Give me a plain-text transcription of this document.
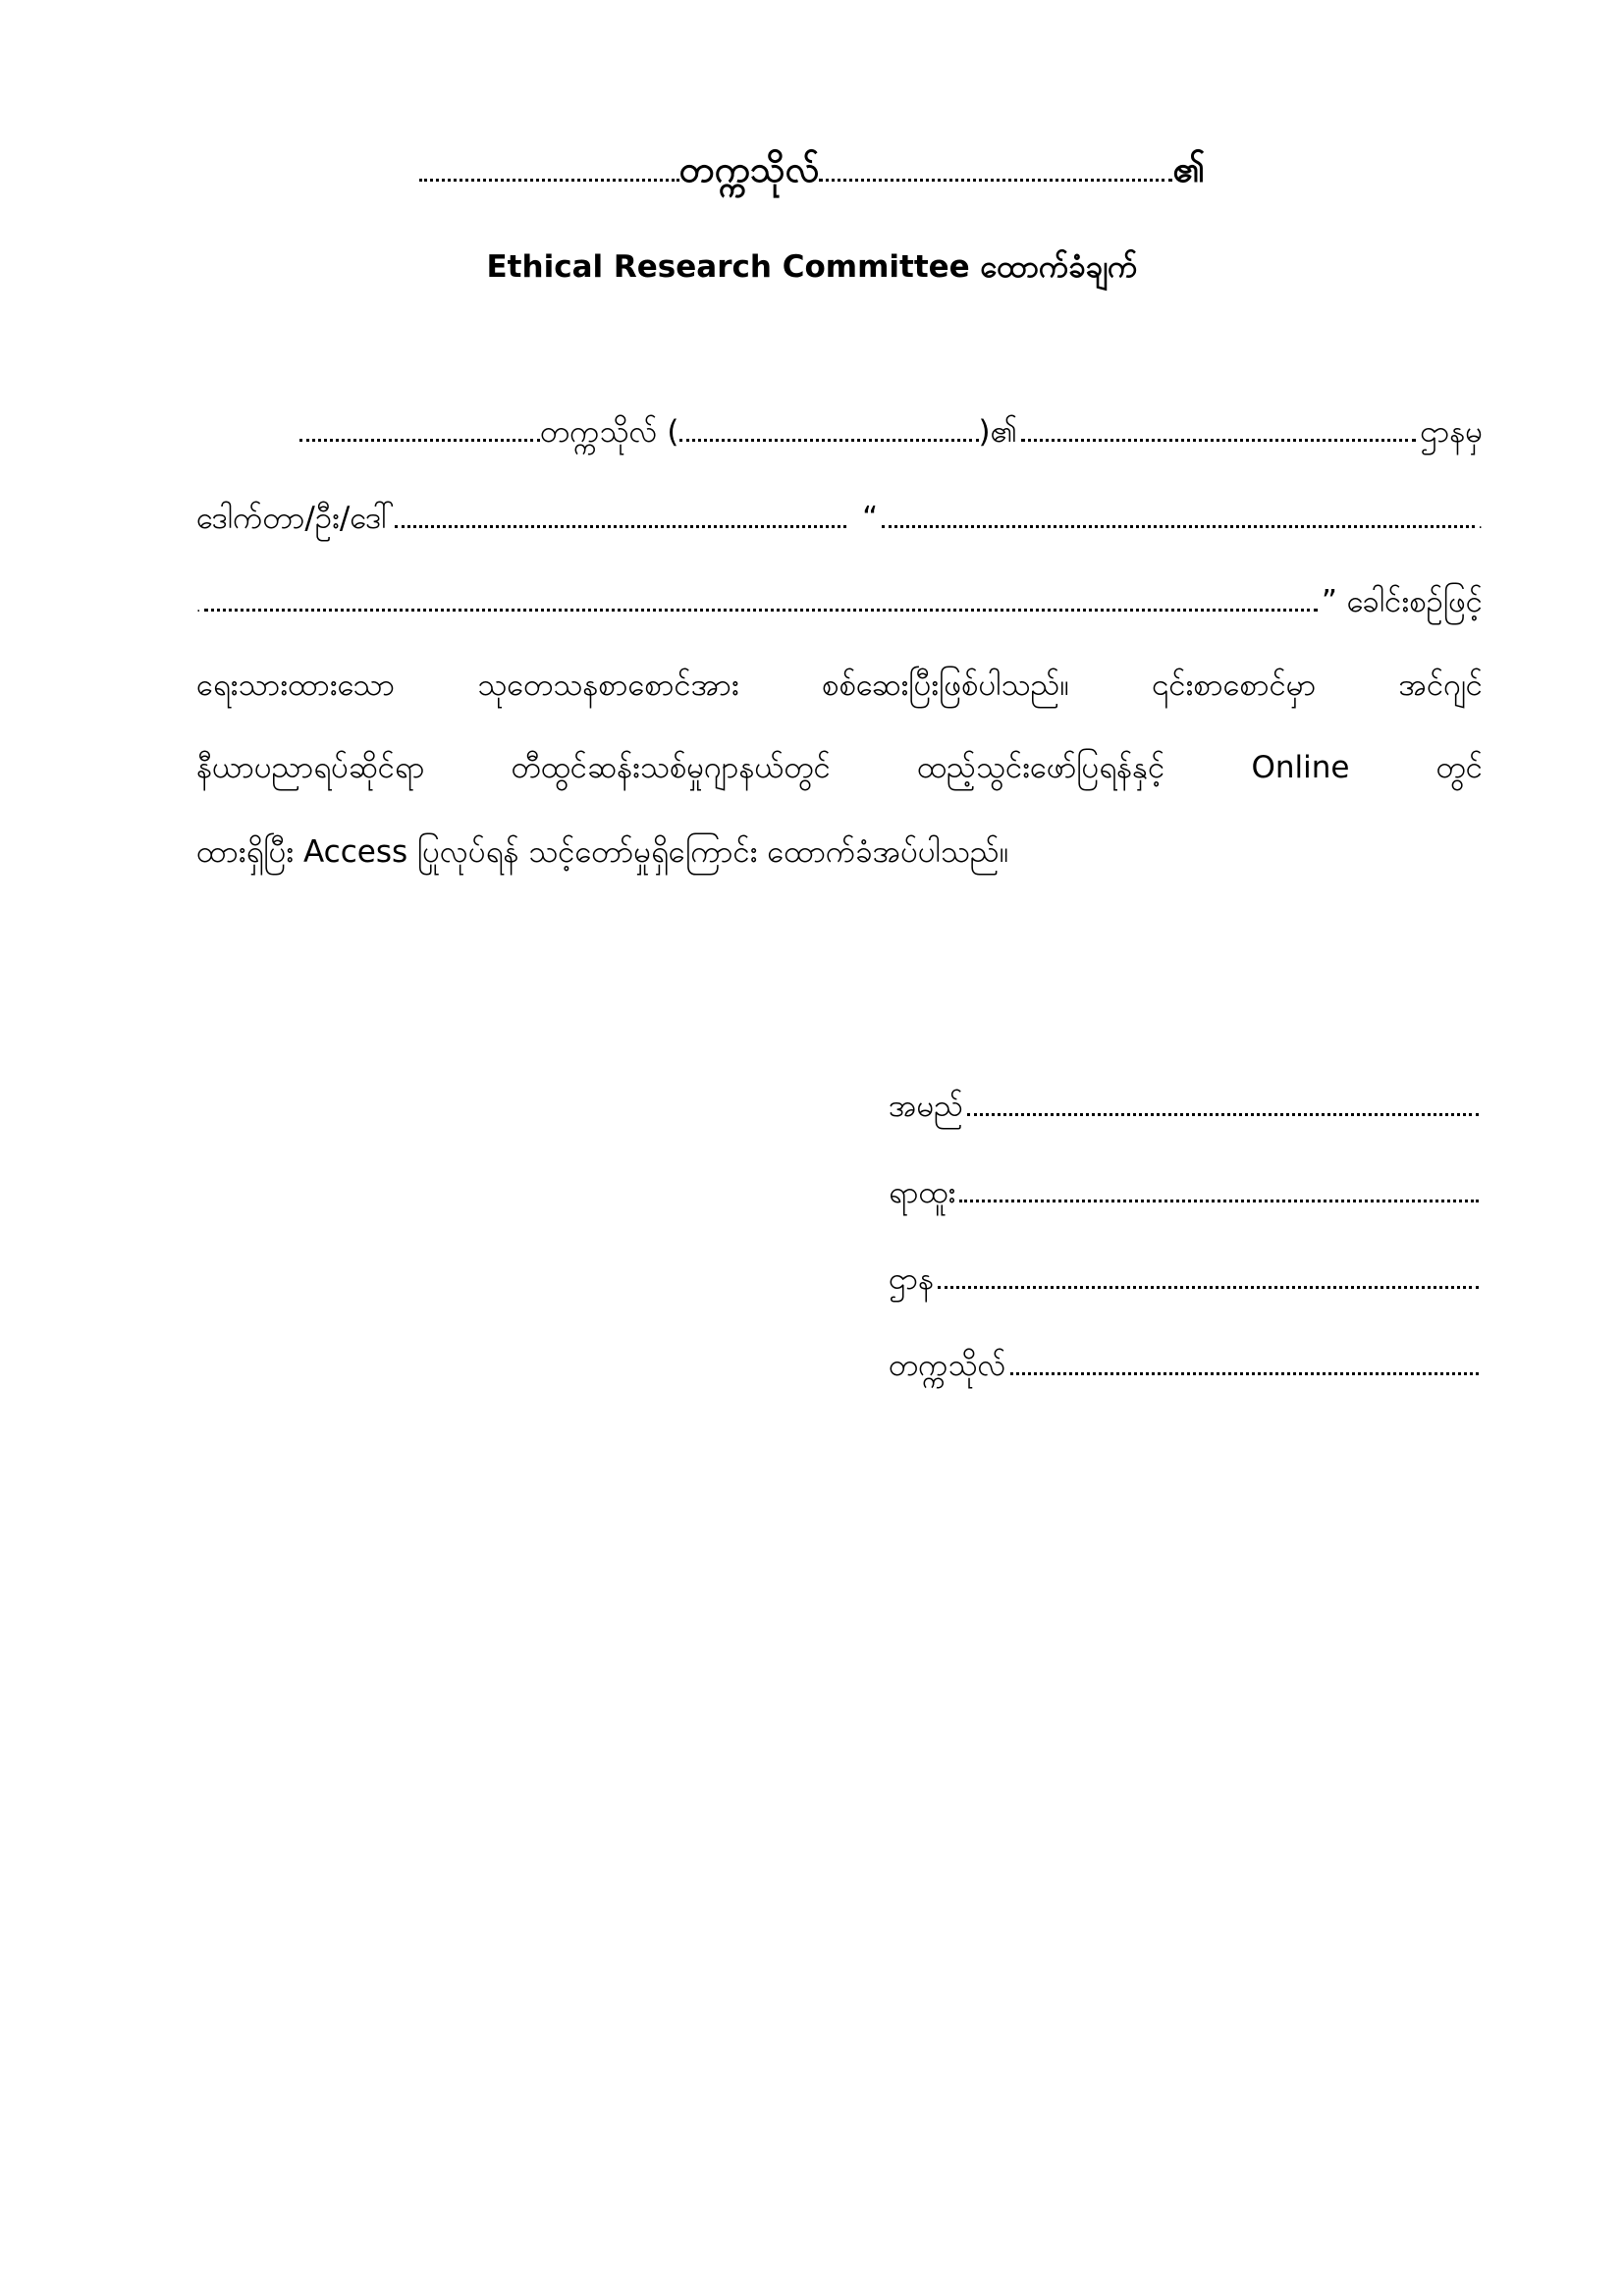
တက္ကသိုလ်	၏
Ethical Research Committee ထောက်ခံချက်
တက္ကသိုလ် (	)၏	ဌာနမှ
ဒေါက်တာ/ဦး/ဒေါ်	“	.
.	” ခေါင်းစဉ်ဖြင့်
ရေးသားထားသော သုတေသနစာစောင်အား စစ်ဆေးပြီးဖြစ်ပါသည်။ ၎င်းစာစောင်မှာ အင်ဂျင်
နီယာပညာရပ်ဆိုင်ရာ တီထွင်ဆန်းသစ်မှုဂျာနယ်တွင် ထည့်သွင်းဖော်ပြရန်နှင့် Online တွင်
ထားရှိပြီး Access ပြုလုပ်ရန် သင့်တော်မှုရှိကြောင်း ထောက်ခံအပ်ပါသည်။
အမည်
ရာထူး
ဌာန
တက္ကသိုလ်
